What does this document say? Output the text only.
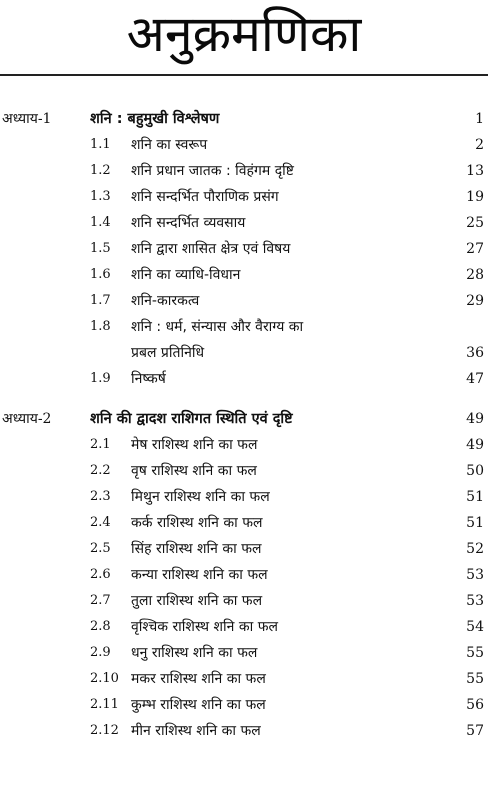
अनुक्रमणिका
अध्याय-1	शनि : बहुमुखी विश्लेषण	1
1.1 शनि का स्वरूप	2
1.2 शनि प्रधान जातक : विहंगम दृष्टि	13
1.3 शनि सन्दर्भित पौराणिक प्रसंग	19
1.4 शनि सन्दर्भित व्यवसाय	25
1.5 शनि द्वारा शासित क्षेत्र एवं विषय	27
1.6 शनि का व्याधि-विधान	28
1.7 शनि-कारकत्व	29
1.8 शनि : धर्म, संन्यास और वैराग्य का
प्रबल प्रतिनिधि	36
1.9 निष्कर्ष	47
अध्याय-2	शनि की द्वादश राशिगत स्थिति एवं दृष्टि	49
2.1 मेष राशिस्थ शनि का फल	49
2.2 वृष राशिस्थ शनि का फल	50
2.3 मिथुन राशिस्थ शनि का फल	51
2.4 कर्क राशिस्थ शनि का फल	51
2.5 सिंह राशिस्थ शनि का फल	52
2.6 कन्या राशिस्थ शनि का फल	53
2.7 तुला राशिस्थ शनि का फल	53
2.8 वृश्चिक राशिस्थ शनि का फल	54
2.9 धनु राशिस्थ शनि का फल	55
2.10 मकर राशिस्थ शनि का फल	55
2.11 कुम्भ राशिस्थ शनि का फल	56
2.12 मीन राशिस्थ शनि का फल	57
